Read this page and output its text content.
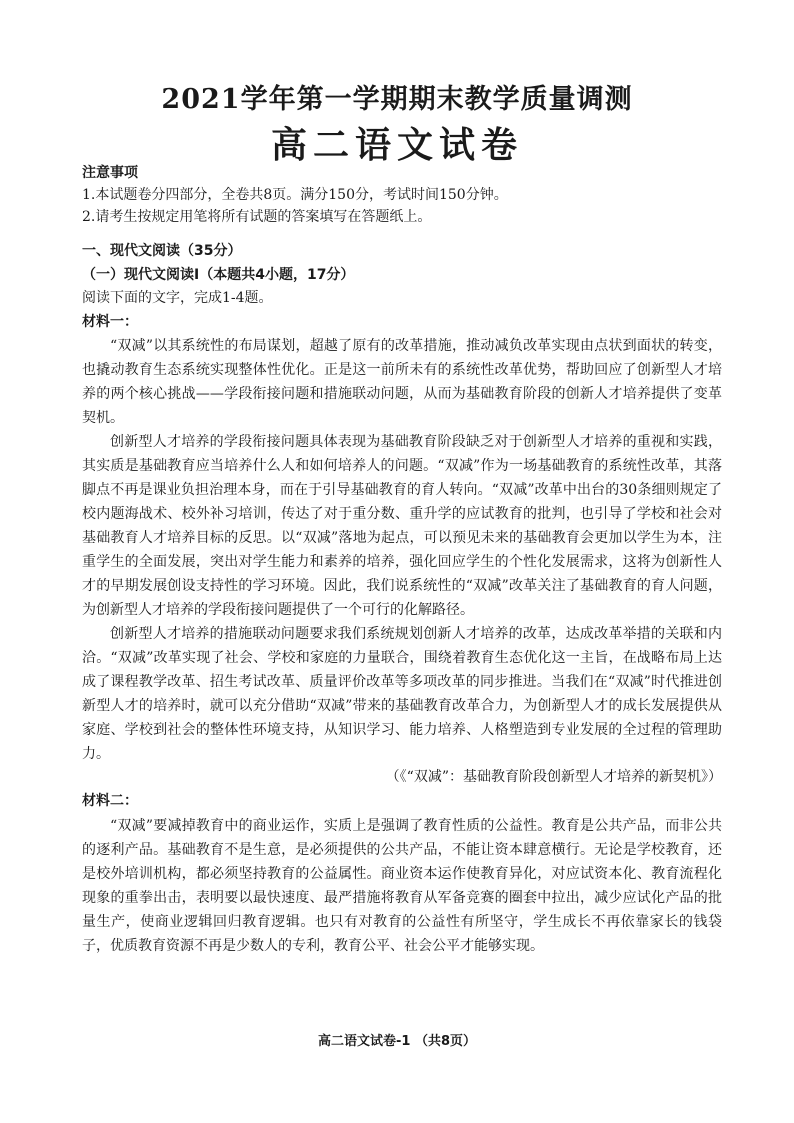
2021学年第一学期期末教学质量调测
高二语文试卷

注意事项

1.本试题卷分四部分，全卷共8页。满分150分，考试时间150分钟。

2.请考生按规定用笔将所有试题的答案填写在答题纸上。

一、现代文阅读（35分）

（一）现代文阅读Ⅰ（本题共4小题，17分）

阅读下面的文字，完成1-4题。

材料一：

“双减”以其系统性的布局谋划，超越了原有的改革措施，推动减负改革实现由点状到面状的转变，也撬动教育生态系统实现整体性优化。正是这一前所未有的系统性改革优势，帮助回应了创新型人才培养的两个核心挑战——学段衔接问题和措施联动问题，从而为基础教育阶段的创新人才培养提供了变革契机。

创新型人才培养的学段衔接问题具体表现为基础教育阶段缺乏对于创新型人才培养的重视和实践，其实质是基础教育应当培养什么人和如何培养人的问题。“双减”作为一场基础教育的系统性改革，其落脚点不再是课业负担治理本身，而在于引导基础教育的育人转向。“双减”改革中出台的30条细则规定了校内题海战术、校外补习培训，传达了对于重分数、重升学的应试教育的批判，也引导了学校和社会对基础教育人才培养目标的反思。以“双减”落地为起点，可以预见未来的基础教育会更加以学生为本，注重学生的全面发展，突出对学生能力和素养的培养，强化回应学生的个性化发展需求，这将为创新性人才的早期发展创设支持性的学习环境。因此，我们说系统性的“双减”改革关注了基础教育的育人问题，为创新型人才培养的学段衔接问题提供了一个可行的化解路径。

创新型人才培养的措施联动问题要求我们系统规划创新人才培养的改革，达成改革举措的关联和内洽。“双减”改革实现了社会、学校和家庭的力量联合，围绕着教育生态优化这一主旨，在战略布局上达成了课程教学改革、招生考试改革、质量评价改革等多项改革的同步推进。当我们在“双减”时代推进创新型人才的培养时，就可以充分借助“双减”带来的基础教育改革合力，为创新型人才的成长发展提供从家庭、学校到社会的整体性环境支持，从知识学习、能力培养、人格塑造到专业发展的全过程的管理助力。

（《“双减”：基础教育阶段创新型人才培养的新契机》）

材料二：

“双减”要减掉教育中的商业运作，实质上是强调了教育性质的公益性。教育是公共产品，而非公共的逐利产品。基础教育不是生意，是必须提供的公共产品，不能让资本肆意横行。无论是学校教育，还是校外培训机构，都必须坚持教育的公益属性。商业资本运作使教育异化，对应试资本化、教育流程化现象的重拳出击，表明要以最快速度、最严措施将教育从军备竞赛的圈套中拉出，减少应试化产品的批量生产，使商业逻辑回归教育逻辑。也只有对教育的公益性有所坚守，学生成长不再依靠家长的钱袋子，优质教育资源不再是少数人的专利，教育公平、社会公平才能够实现。

高二语文试卷-1 （共8页）
